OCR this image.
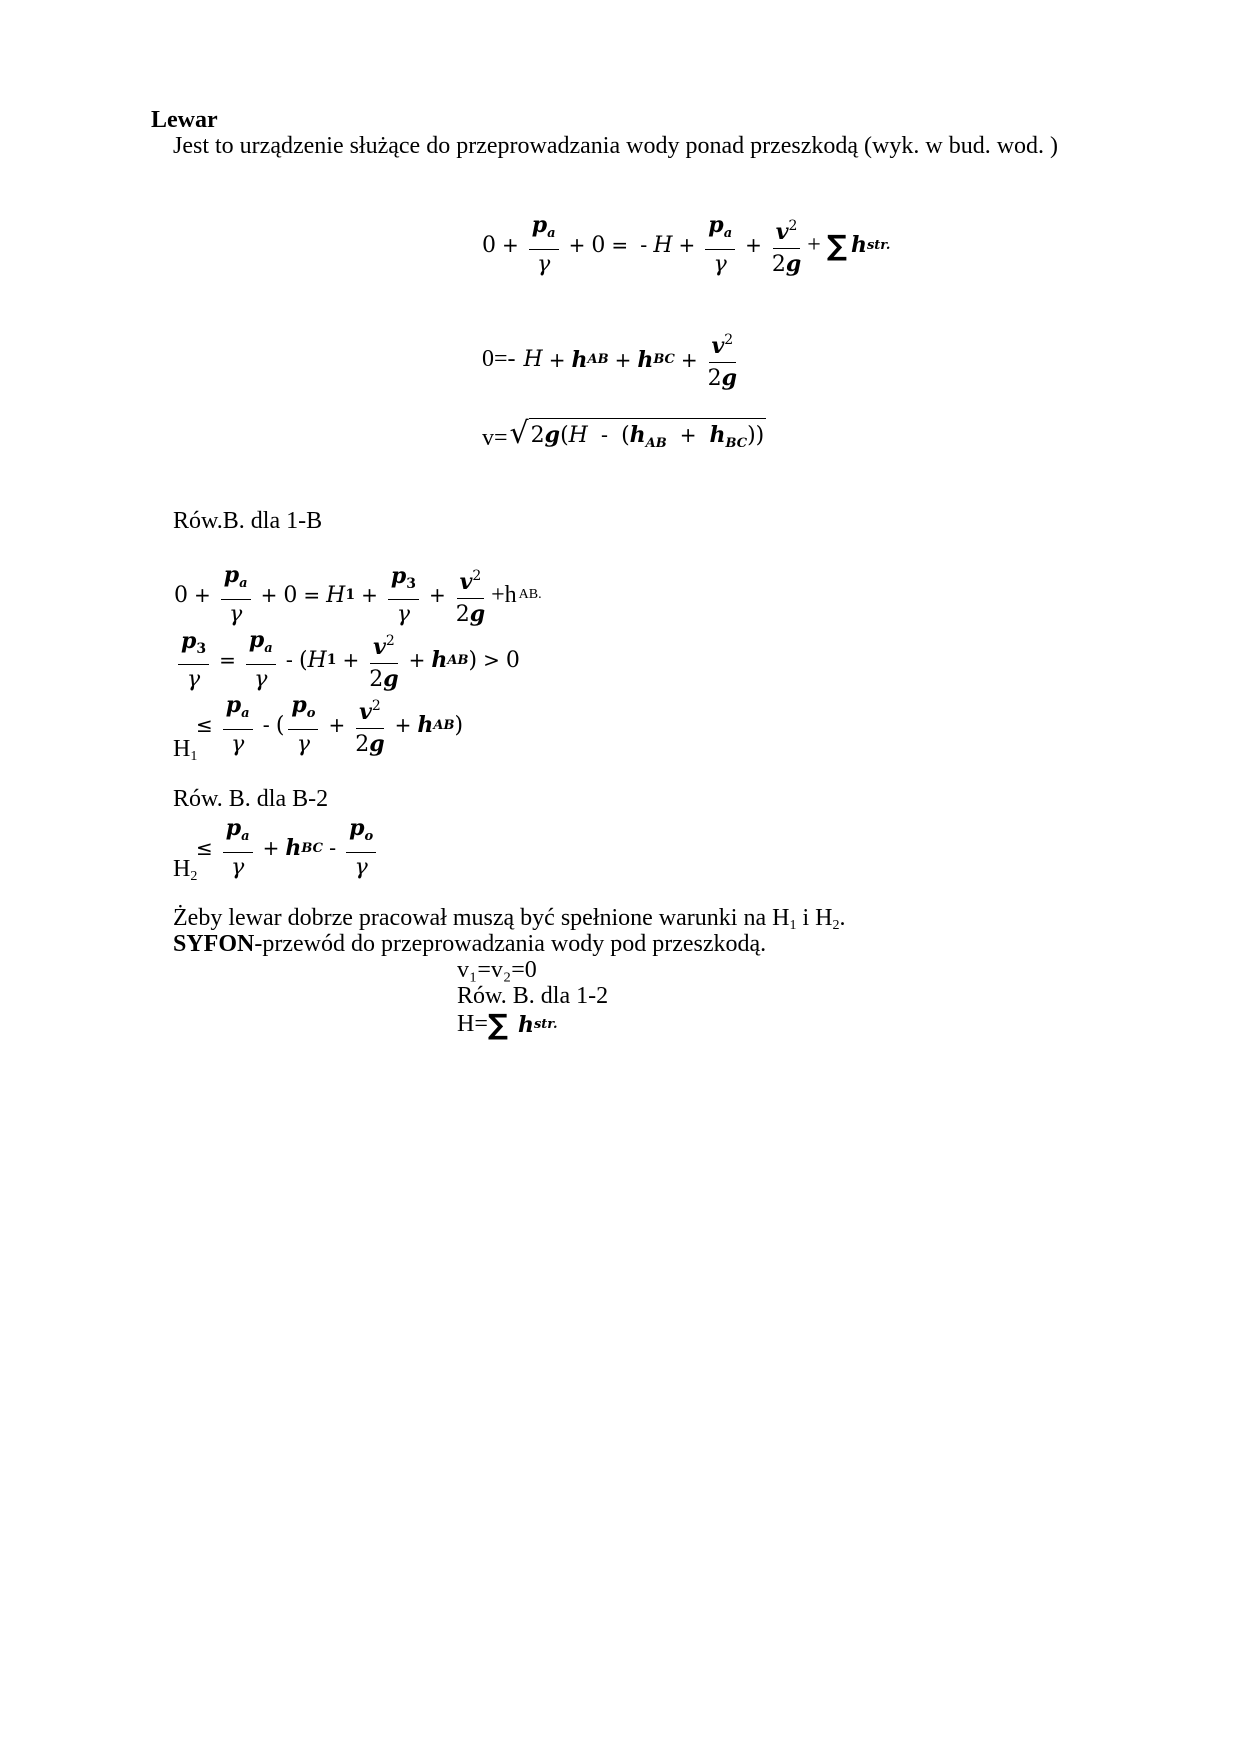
Lewar
Jest to urządzenie służące do przeprowadzania wody ponad przeszkodą (wyk. w bud. wod. )
$0 + \frac{p_a}{\gamma} + 0$ = - $H + \frac{p_a}{\gamma} + \frac{v^2}{2g}$ + ∑ h str.
0=- H + h AB + h BC + $\frac{v^2}{2g}$
v= √ $2g(H - (h_{AB} + h_{BC}))$
Rów.B. dla 1-B
$0 + \frac{p_a}{\gamma} + 0 = H$ $1 + \frac{p_3}{\gamma} + \frac{v^2}{2g} +h$ AB.
$\frac{p_3}{\gamma} = \frac{p_a}{\gamma}$ - ( H $1 + \frac{v^2}{2g} + h$ AB ) > 0
≤ $\frac{p_a}{\gamma}$ - ( $\frac{p_o}{\gamma} + \frac{v^2}{2g} + h$ AB )
H1
Rów. B. dla B-2
≤ $\frac{p_a}{\gamma} + h$ BC - $\frac{p_o}{\gamma}$
H2
Żeby lewar dobrze pracował muszą być spełnione warunki na H1 i H2.
SYFON-przewód do przeprowadzania wody pod przeszkodą.
v₁=v₂=0
Rów. B. dla 1-2
H= ∑ h str.
